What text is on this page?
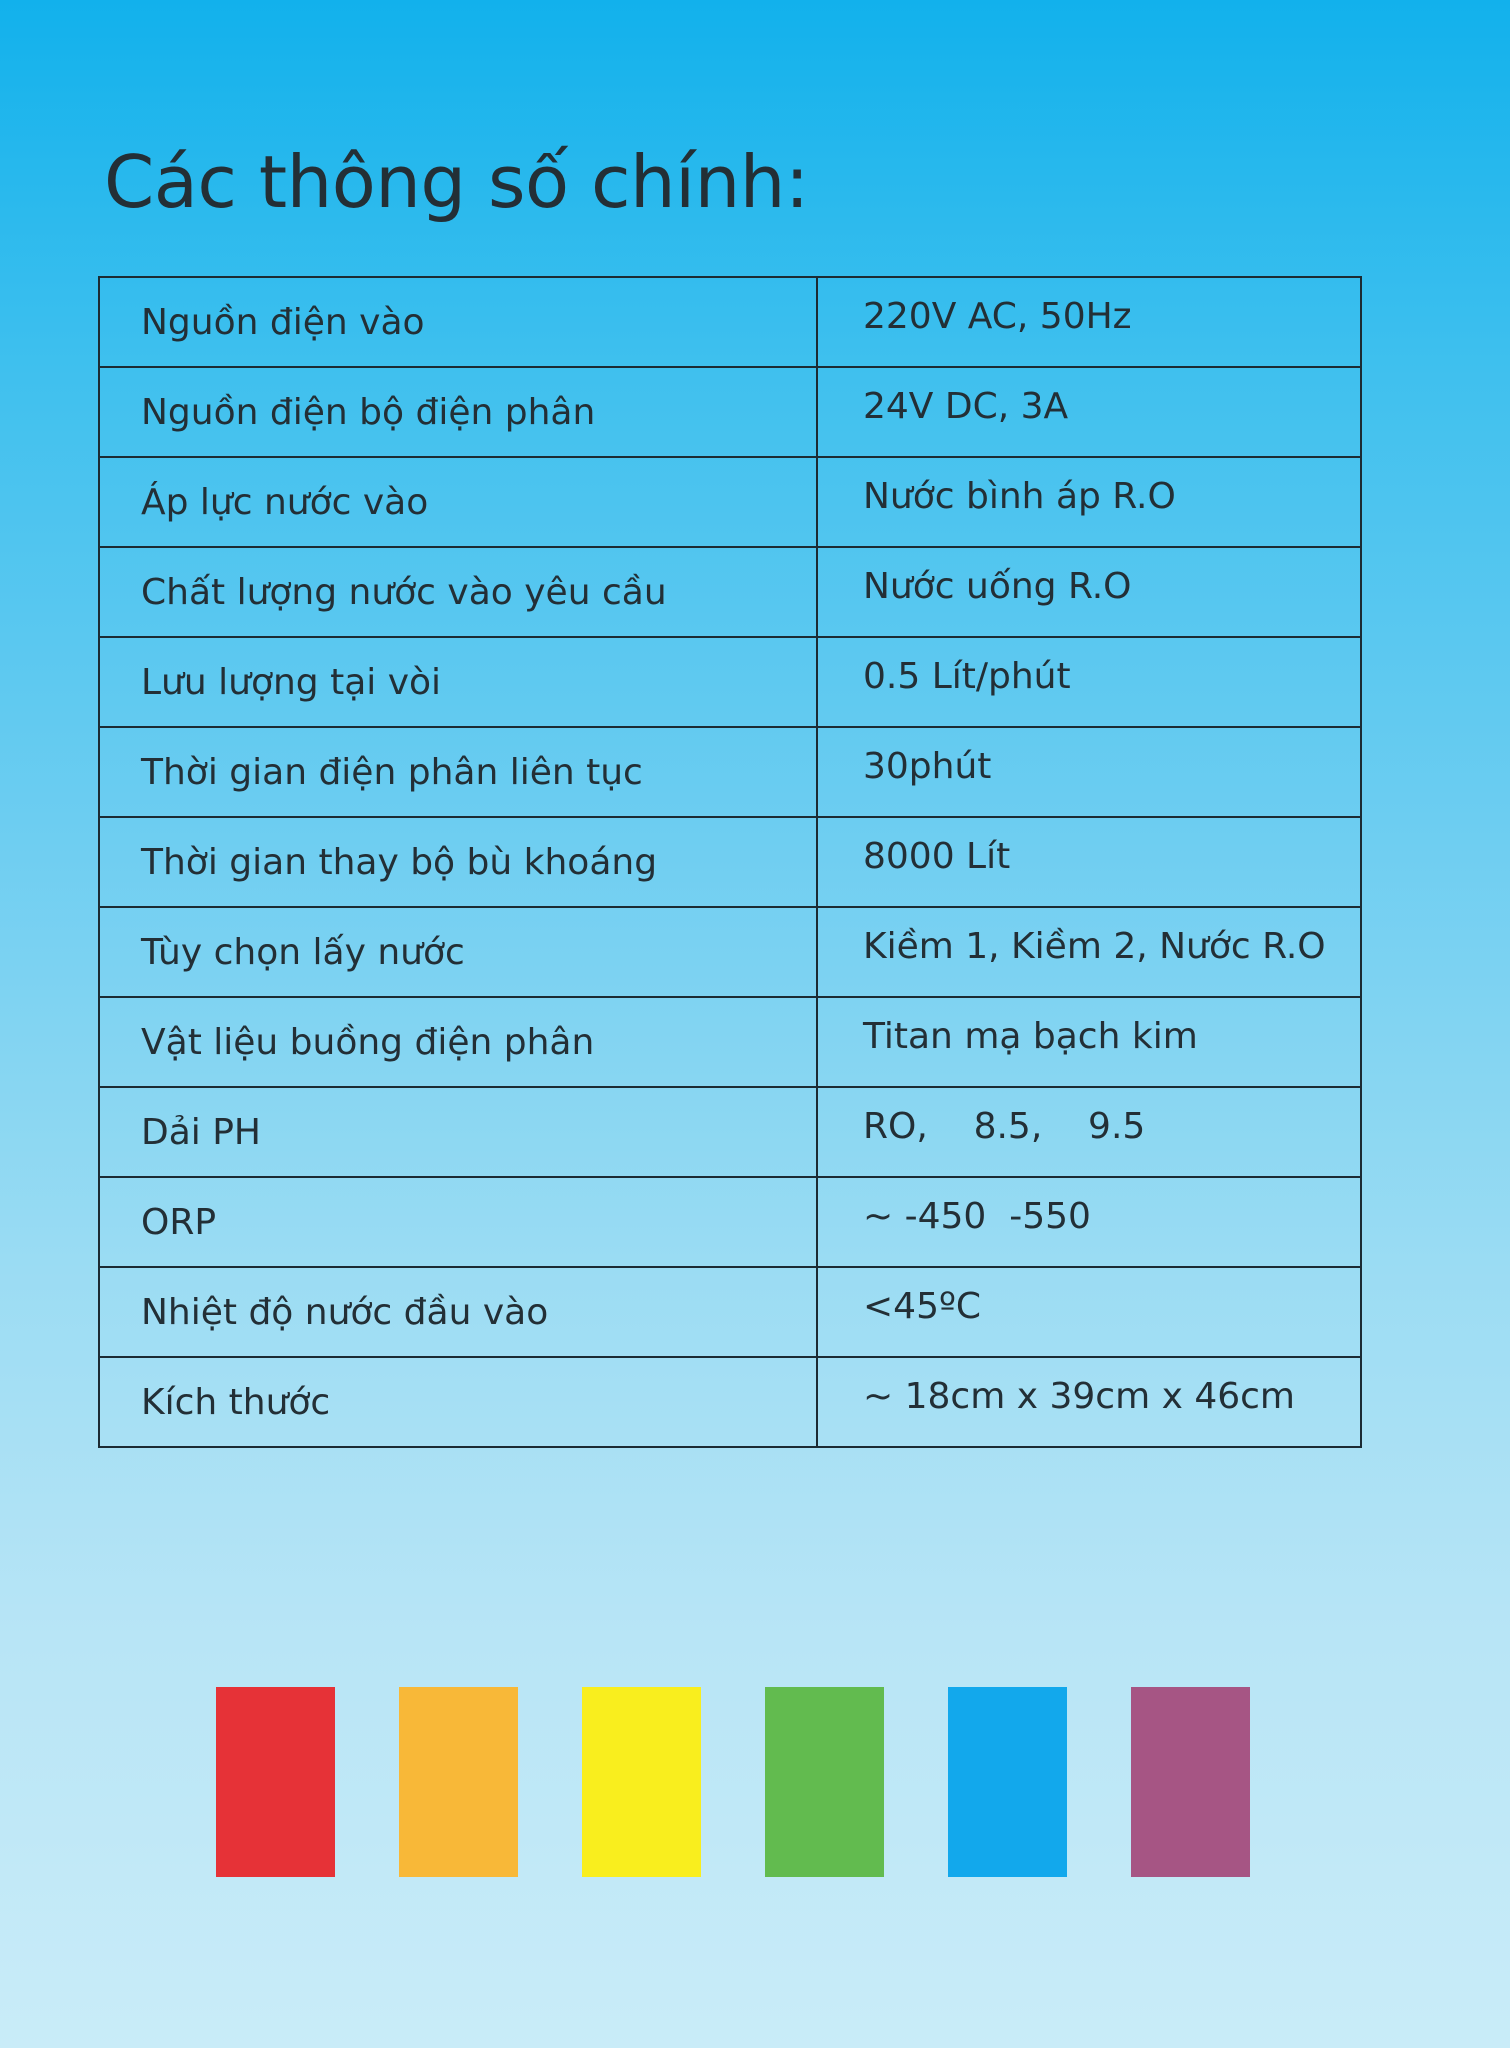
Các thông số chính:
Nguồn điện vào	220V AC, 50Hz
Nguồn điện bộ điện phân	24V DC, 3A
Áp lực nước vào	Nước bình áp R.O
Chất lượng nước vào yêu cầu	Nước uống R.O
Lưu lượng tại vòi	0.5 Lít/phút
Thời gian điện phân liên tục	30phút
Thời gian thay bộ bù khoáng	8000 Lít
Tùy chọn lấy nước	Kiềm 1, Kiềm 2, Nước R.O
Vật liệu buồng điện phân	Titan mạ bạch kim
Dải PH	RO,    8.5,    9.5
ORP	~ -450  -550
Nhiệt độ nước đầu vào	<45ºC
Kích thước	~ 18cm x 39cm x 46cm
